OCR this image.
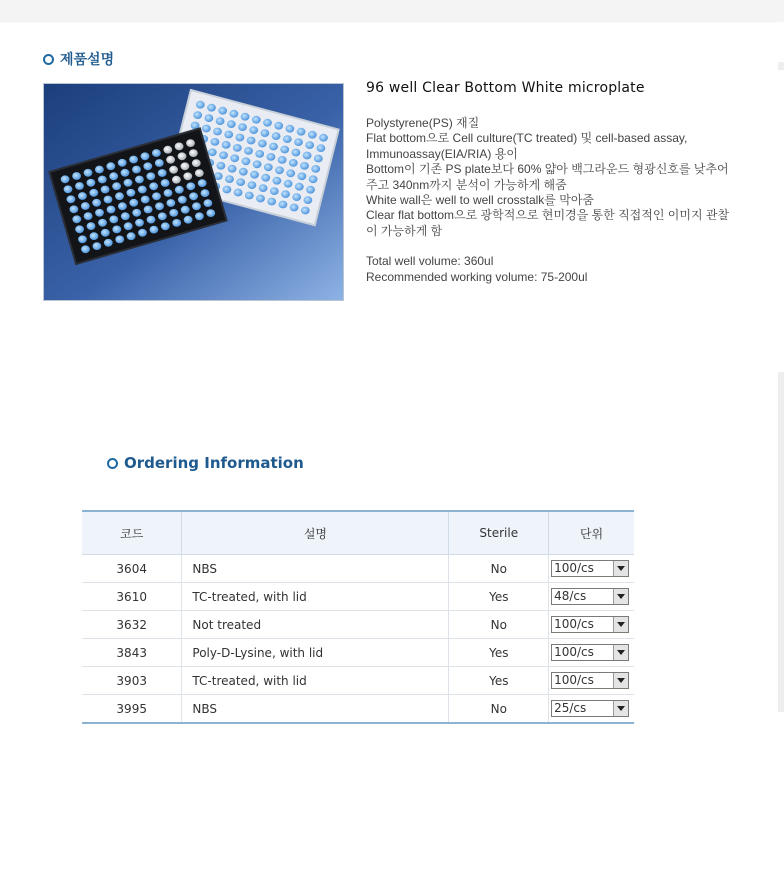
제품설명
96 well Clear Bottom White microplate
Polystyrene(PS) 재질
Flat bottom으로 Cell culture(TC treated) 및 cell-based assay,
Immunoassay(EIA/RIA) 용이
Bottom이 기존 PS plate보다 60% 얇아 백그라운드 형광신호를 낮추어
주고 340nm까지 분석이 가능하게 해줌
White wall은 well to well crosstalk를 막아줌
Clear flat bottom으로 광학적으로 현미경을 통한 직접적인 이미지 관찰
이 가능하게 함
Total well volume: 360ul
Recommended working volume: 75-200ul
Ordering Information
코드	설명	Sterile	단위
3604	NBS	No	100/cs

3610	TC-treated, with lid	Yes	48/cs

3632	Not treated	No	100/cs

3843	Poly-D-Lysine, with lid	Yes	100/cs

3903	TC-treated, with lid	Yes	100/cs

3995	NBS	No	25/cs
